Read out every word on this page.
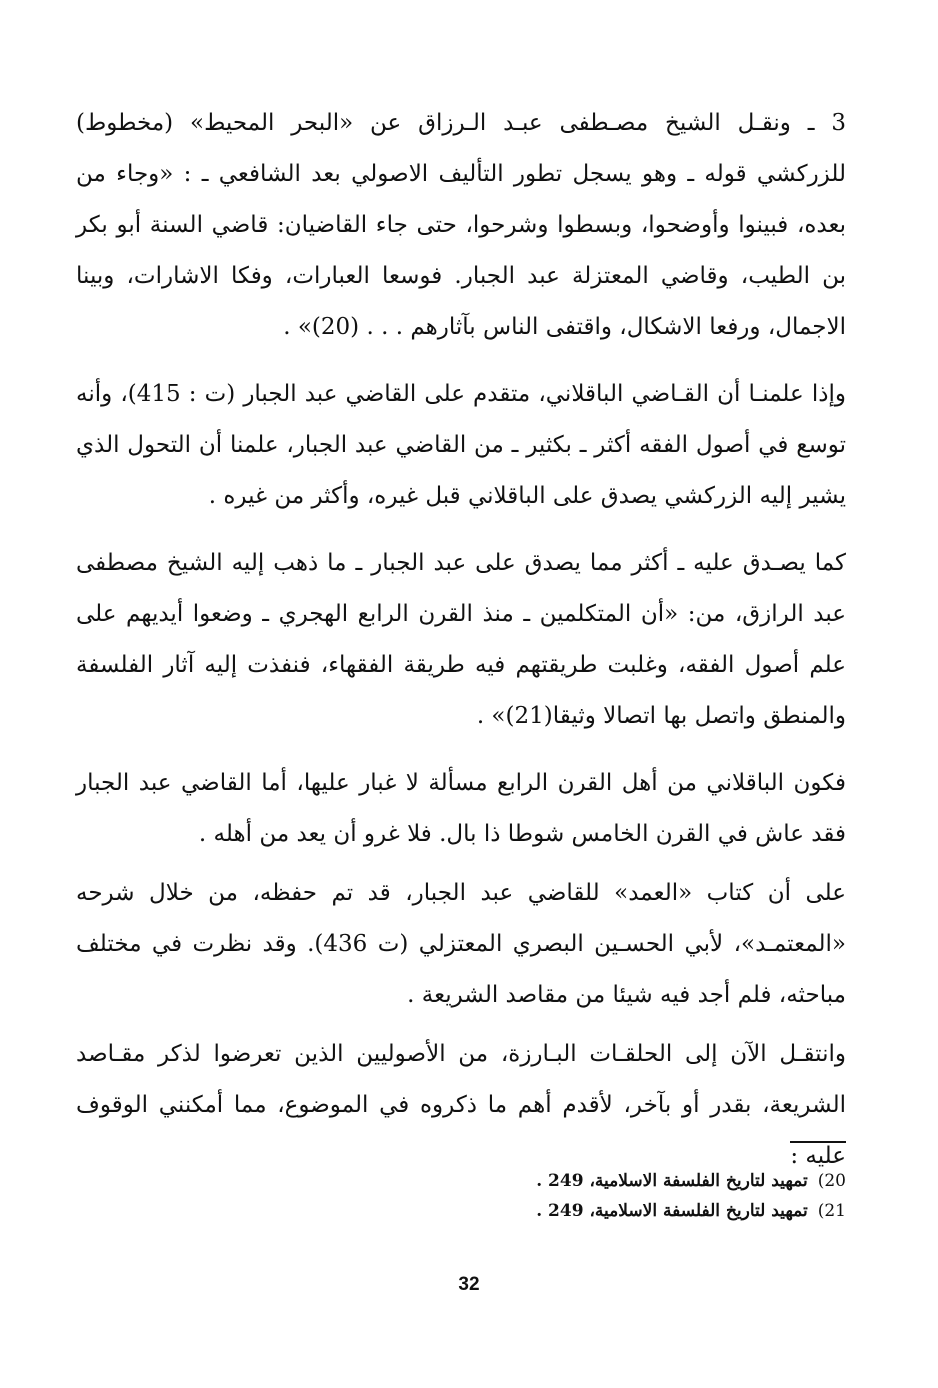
3 ـ ونقـل الشيخ مصـطفى عبـد الـرزاق عن «البحر المحيط» (مخطوط) للزركشي قوله ـ وهو يسجل تطور التأليف الاصولي بعد الشافعي ـ : «وجاء من بعده، فبينوا وأوضحوا، وبسطوا وشرحوا، حتى جاء القاضيان: قاضي السنة أبو بكر بن الطيب، وقاضي المعتزلة عبد الجبار. فوسعا العبارات، وفكا الاشارات، وبينا الاجمال، ورفعا الاشكال، واقتفى الناس بآثارهم . . . (20)» .

وإذا علمنـا أن القـاضي الباقلاني، متقدم على القاضي عبد الجبار (ت : 415)، وأنه توسع في أصول الفقه أكثر ـ بكثير ـ من القاضي عبد الجبار، علمنا أن التحول الذي يشير إليه الزركشي يصدق على الباقلاني قبل غيره، وأكثر من غيره .

كما يصـدق عليه ـ أكثر مما يصدق على عبد الجبار ـ ما ذهب إليه الشيخ مصطفى عبد الرازق، من: «أن المتكلمين ـ منذ القرن الرابع الهجري ـ وضعوا أيديهم على علم أصول الفقه، وغلبت طريقتهم فيه طريقة الفقهاء، فنفذت إليه آثار الفلسفة والمنطق واتصل بها اتصالا وثيقا(21)» .

فكون الباقلاني من أهل القرن الرابع مسألة لا غبار عليها، أما القاضي عبد الجبار فقد عاش في القرن الخامس شوطا ذا بال. فلا غرو أن يعد من أهله .

على أن كتاب «العمد» للقاضي عبد الجبار، قد تم حفظه، من خلال شرحه «المعتمـد»، لأبي الحسـين البصري المعتزلي (ت 436). وقد نظرت في مختلف مباحثه، فلم أجد فيه شيئا من مقاصد الشريعة .

وانتقـل الآن إلى الحلقـات البـارزة، من الأصوليين الذين تعرضوا لذكر مقـاصد الشريعة، بقدر أو بآخر، لأقدم أهم ما ذكروه في الموضوع، مما أمكنني الوقوف عليه :

20)تمهيد لتاريخ الفلسفة الاسلامية، 249 .

21)تمهيد لتاريخ الفلسفة الاسلامية، 249 .

32
